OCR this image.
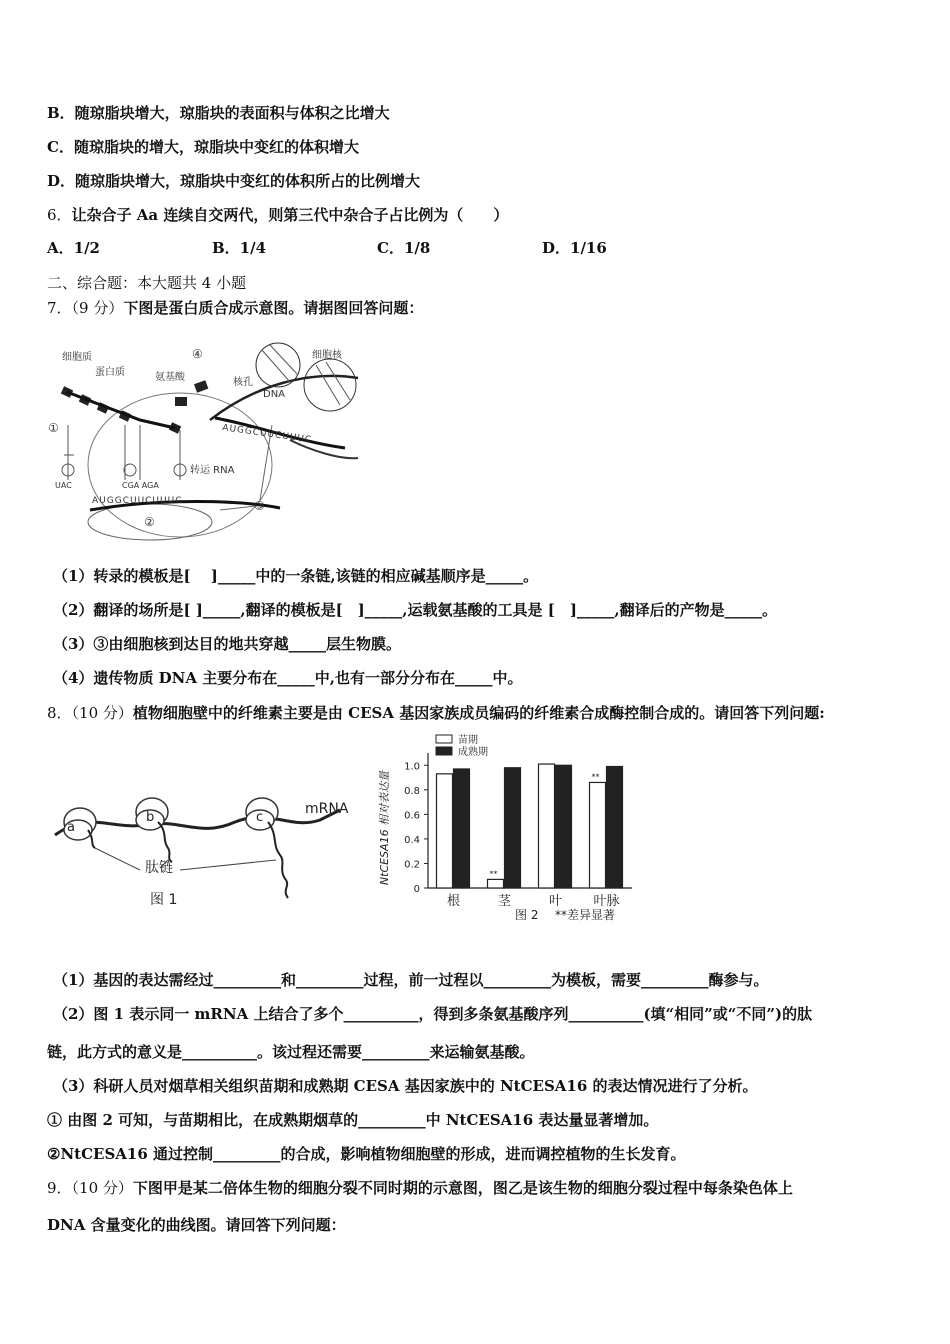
B．随琼脂块增大，琼脂块的表面积与体积之比增大
C．随琼脂块的增大，琼脂块中变红的体积增大
D．随琼脂块增大，琼脂块中变红的体积所占的比例增大
6．让杂合子 Aa 连续自交两代，则第三代中杂合子占比例为（　　）
A．1/2	B．1/4	C．1/8	D．1/16
二、综合题：本大题共 4 小题
7．（9 分）下图是蛋白质合成示意图。请据图回答问题：
细胞质
蛋白质	氨基酸
细胞核
核孔
DNA
转运 RNA
④
①
②
③
UAC	CGA AGA
AUGGCUUCUUUC
AUGGCUUCUUUC
（1）转录的模板是[　 ]_____中的一条链,该链的相应碱基顺序是_____。
（2）翻译的场所是[ ]_____,翻译的模板是[　]_____,运载氨基酸的工具是 [　]_____,翻译后的产物是_____。
（3）③由细胞核到达目的地共穿越_____层生物膜。
（4）遗传物质 DNA 主要分布在_____中,也有一部分分布在_____中。
8．（10 分）植物细胞壁中的纤维素主要是由 CESA 基因家族成员编码的纤维素合成酶控制合成的。请回答下列问题:
a
b	c
mRNA
肽链
图 1
0
0.2
0.4
0.6
0.8
1.0
**
**
根	茎	叶 叶脉
苗期
成熟期
NtCESA16 相对表达量
图 2 **差异显著
（1）基因的表达需经过_________和_________过程，前一过程以_________为模板，需要_________酶参与。
（2）图 1 表示同一 mRNA 上结合了多个__________，得到多条氨基酸序列__________(填“相同”或“不同”)的肽
链，此方式的意义是__________。该过程还需要_________来运输氨基酸。
（3）科研人员对烟草相关组织苗期和成熟期 CESA 基因家族中的 NtCESA16 的表达情况进行了分析。
① 由图 2 可知，与苗期相比，在成熟期烟草的_________中 NtCESA16 表达量显著增加。
②NtCESA16 通过控制_________的合成，影响植物细胞壁的形成，进而调控植物的生长发育。
9．（10 分）下图甲是某二倍体生物的细胞分裂不同时期的示意图，图乙是该生物的细胞分裂过程中每条染色体上
DNA 含量变化的曲线图。请回答下列问题：
